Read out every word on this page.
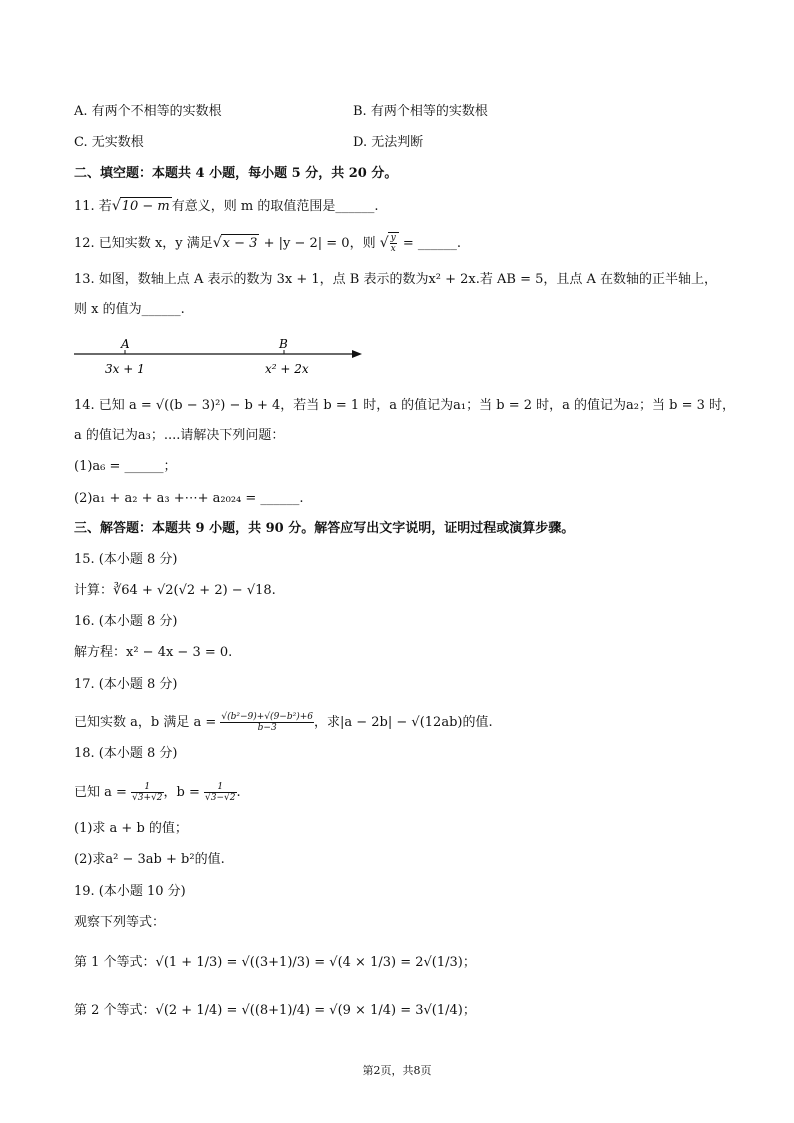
A. 有两个不相等的实数根	B. 有两个相等的实数根
C. 无实数根	D. 无法判断
二、填空题：本题共 4 小题，每小题 5 分，共 20 分。
11. 若√10 − m 有意义，则 m 的取值范围是______.
12. 已知实数 x，y 满足√x − 3 + |y − 2| = 0，则 √ $\frac{y}{x}$ = ______.
13. 如图，数轴上点 A 表示的数为 3x + 1，点 B 表示的数为x² + 2x.若 AB = 5，且点 A 在数轴的正半轴上，
则 x 的值为______.
A	B
3x + 1	x² + 2x
14. 已知 a = √((b − 3)²) − b + 4，若当 b = 1 时，a 的值记为a₁；当 b = 2 时，a 的值记为a₂；当 b = 3 时，
a 的值记为a₃；....请解决下列问题：
(1)a₆ = ______；
(2)a₁ + a₂ + a₃ +⋯+ a₂₀₂₄ = ______.
三、解答题：本题共 9 小题，共 90 分。解答应写出文字说明，证明过程或演算步骤。
15. (本小题 8 分)
计算：∛64 + √2(√2 + 2) − √18.
16. (本小题 8 分)
解方程：x² − 4x − 3 = 0.
17. (本小题 8 分)
已知实数 a，b 满足 $a = \frac{\text{√(b²−9)+√(9−b²)+6}}{b-3}$ ，求|a − 2b| − √(12ab)的值.
18. (本小题 8 分)
已知 $a = \frac{1}{√3+√2}$ ，$b = \frac{1}{√3-√2}$ .
(1)求 a + b 的值；
(2)求a² − 3ab + b²的值.
19. (本小题 10 分)
观察下列等式：
第 1 个等式：√(1 + 1/3) = √((3+1)/3) = √(4 × 1/3) = 2√(1/3)；
第 2 个等式：√(2 + 1/4) = √((8+1)/4) = √(9 × 1/4) = 3√(1/4)；
第2页，共8页
